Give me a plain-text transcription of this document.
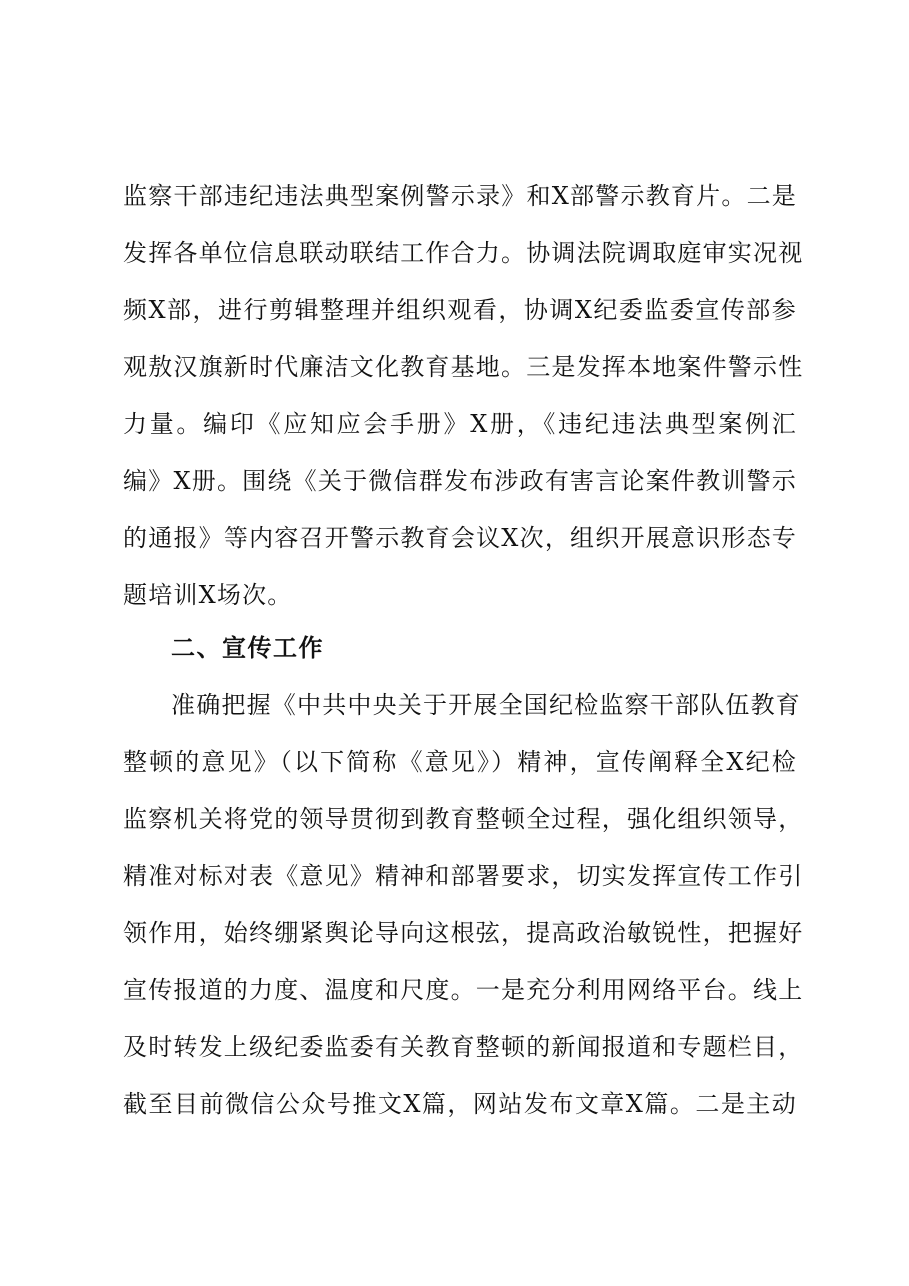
监察干部违纪违法典型案例警示录》和X部警示教育片。二是
发挥各单位信息联动联结工作合力。协调法院调取庭审实况视
频X部，进行剪辑整理并组织观看，协调X纪委监委宣传部参
观敖汉旗新时代廉洁文化教育基地。三是发挥本地案件警示性
力量。编印《应知应会手册》X册，《违纪违法典型案例汇
编》X册。围绕《关于微信群发布涉政有害言论案件教训警示
的通报》等内容召开警示教育会议X次，组织开展意识形态专
题培训X场次。
二、宣传工作
准确把握《中共中央关于开展全国纪检监察干部队伍教育
整顿的意见》（以下简称《意见》）精神，宣传阐释全X纪检
监察机关将党的领导贯彻到教育整顿全过程，强化组织领导，
精准对标对表《意见》精神和部署要求，切实发挥宣传工作引
领作用，始终绷紧舆论导向这根弦，提高政治敏锐性，把握好
宣传报道的力度、温度和尺度。一是充分利用网络平台。线上
及时转发上级纪委监委有关教育整顿的新闻报道和专题栏目，
截至目前微信公众号推文X篇，网站发布文章X篇。二是主动
